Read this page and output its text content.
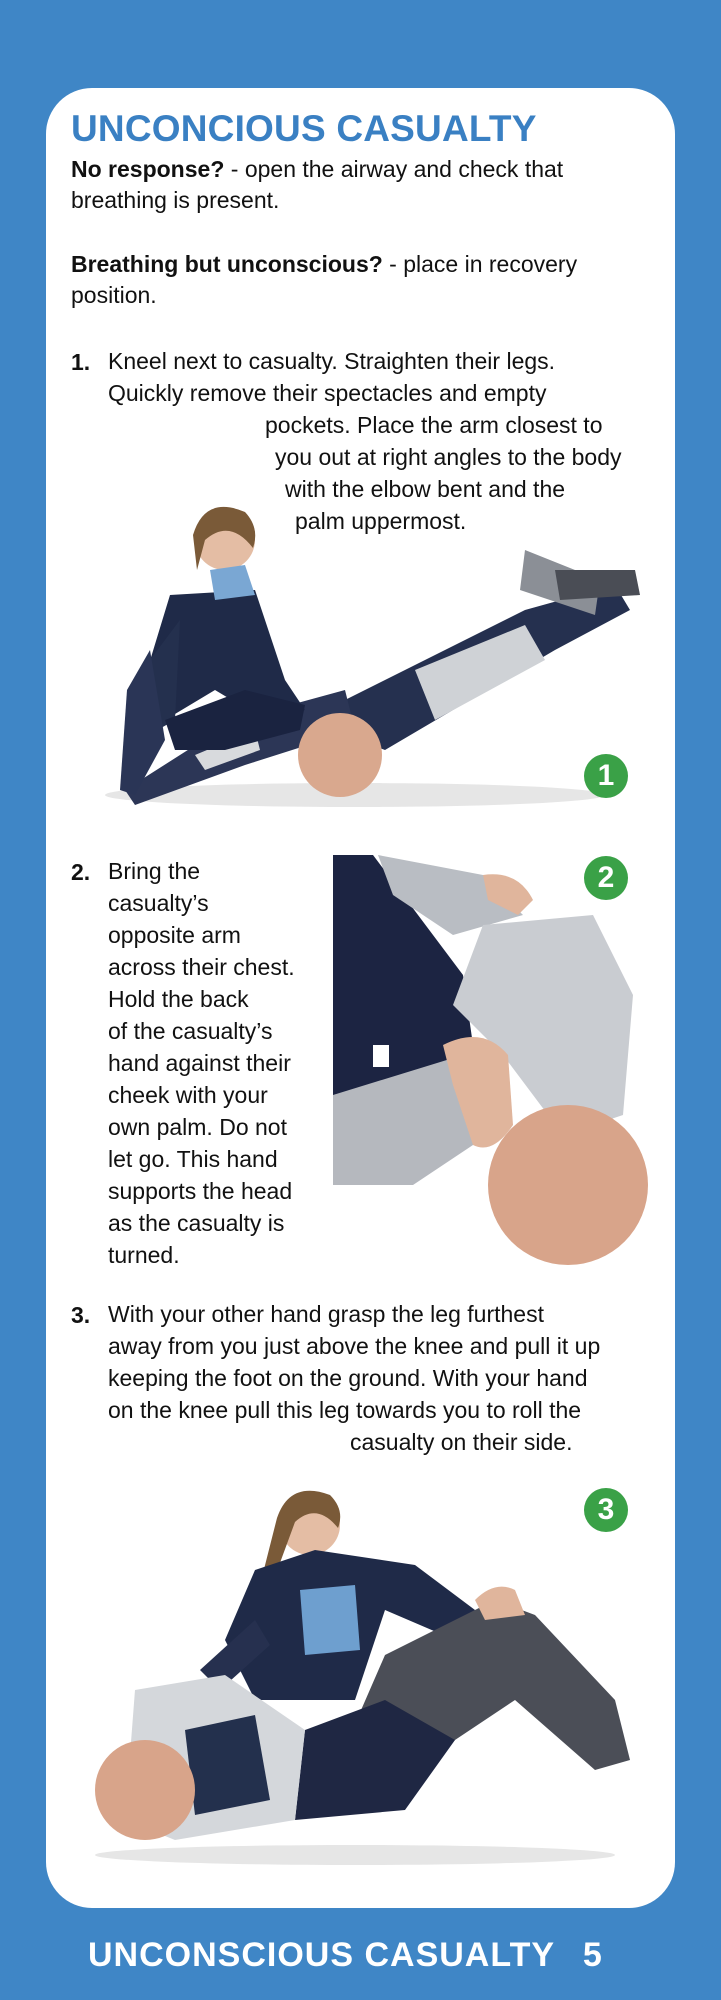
UNCONCIOUS CASUALTY

No response? - open the airway and check that breathing is present.

Breathing but unconscious? - place in recovery position.

1. Kneel next to casualty. Straighten their legs.
Quickly remove their spectacles and empty
pockets. Place the arm closest to
you out at right angles to the body
with the elbow bent and the
palm uppermost.
1
2. Bring the
casualty’s
opposite arm
across their chest.
Hold the back
of the casualty’s
hand against their
cheek with your
own palm. Do not
let go. This hand
supports the head
as the casualty is
turned.
2
3. With your other hand grasp the leg furthest
away from you just above the knee and pull it up
keeping the foot on the ground. With your hand
on the knee pull this leg towards you to roll the
casualty on their side.
3
UNCONSCIOUS CASUALTY 5
